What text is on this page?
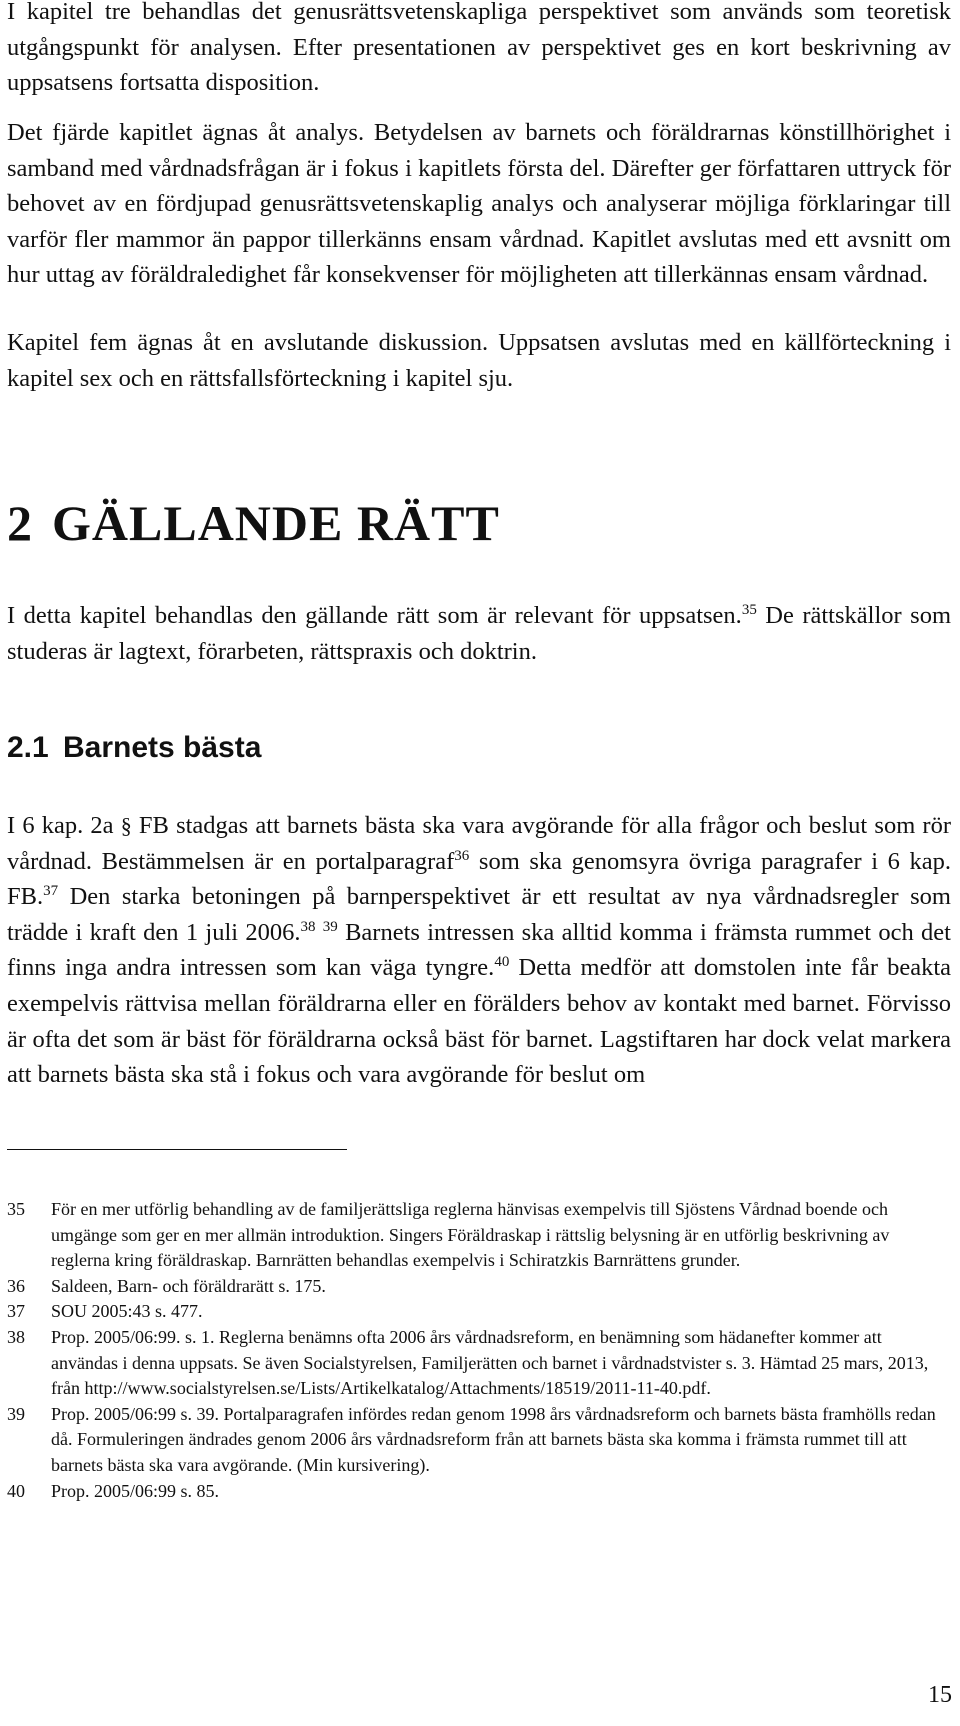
I kapitel tre behandlas det genusrättsvetenskapliga perspektivet som används som teoretisk utgångspunkt för analysen. Efter presentationen av perspektivet ges en kort beskrivning av uppsatsens fortsatta disposition.

Det fjärde kapitlet ägnas åt analys. Betydelsen av barnets och föräldrarnas könstillhörighet i samband med vårdnadsfrågan är i fokus i kapitlets första del. Därefter ger författaren uttryck för behovet av en fördjupad genusrättsvetenskaplig analys och analyserar möjliga förklaringar till varför fler mammor än pappor tillerkänns ensam vårdnad. Kapitlet avslutas med ett avsnitt om hur uttag av föräldraledighet får konsekvenser för möjligheten att tillerkännas ensam vårdnad.

Kapitel fem ägnas åt en avslutande diskussion. Uppsatsen avslutas med en källförteckning i kapitel sex och en rättsfallsförteckning i kapitel sju.

2 GÄLLANDE RÄTT

I detta kapitel behandlas den gällande rätt som är relevant för uppsatsen.$^{35}$ De rättskällor som studeras är lagtext, förarbeten, rättspraxis och doktrin.

2.1 Barnets bästa

I 6 kap. 2a § FB stadgas att barnets bästa ska vara avgörande för alla frågor och beslut som rör vårdnad. Bestämmelsen är en portalparagraf$^{36}$ som ska genomsyra övriga paragrafer i 6 kap. FB.$^{37}$ Den starka betoningen på barnperspektivet är ett resultat av nya vårdnadsregler som trädde i kraft den 1 juli 2006.38 $^{39}$ Barnets intressen ska alltid komma i främsta rummet och det finns inga andra intressen som kan väga tyngre.$^{40}$ Detta medför att domstolen inte får beakta exempelvis rättvisa mellan föräldrarna eller en förälders behov av kontakt med barnet. Förvisso är ofta det som är bäst för föräldrarna också bäst för barnet. Lagstiftaren har dock velat markera att barnets bästa ska stå i fokus och vara avgörande för beslut om

35	För en mer utförlig behandling av de familjerättsliga reglerna hänvisas exempelvis till Sjöstens Vårdnad boende och umgänge som ger en mer allmän introduktion. Singers Föräldraskap i rättslig belysning är en utförlig beskrivning av reglerna kring föräldraskap. Barnrätten behandlas exempelvis i Schiratzkis Barnrättens grunder.
36	Saldeen, Barn- och föräldrarätt s. 175.
37	SOU 2005:43 s. 477.
38	Prop. 2005/06:99. s. 1. Reglerna benämns ofta 2006 års vårdnadsreform, en benämning som hädanefter kommer att användas i denna uppsats. Se även Socialstyrelsen, Familjerätten och barnet i vårdnadstvister s. 3. Hämtad 25 mars, 2013, från http://www.socialstyrelsen.se/Lists/Artikelkatalog/Attachments/18519/2011-11-40.pdf.
39	Prop. 2005/06:99 s. 39. Portalparagrafen infördes redan genom 1998 års vårdnadsreform och barnets bästa framhölls redan då. Formuleringen ändrades genom 2006 års vårdnadsreform från att barnets bästa ska komma i främsta rummet till att barnets bästa ska vara avgörande. (Min kursivering).
40	Prop. 2005/06:99 s. 85.
15
